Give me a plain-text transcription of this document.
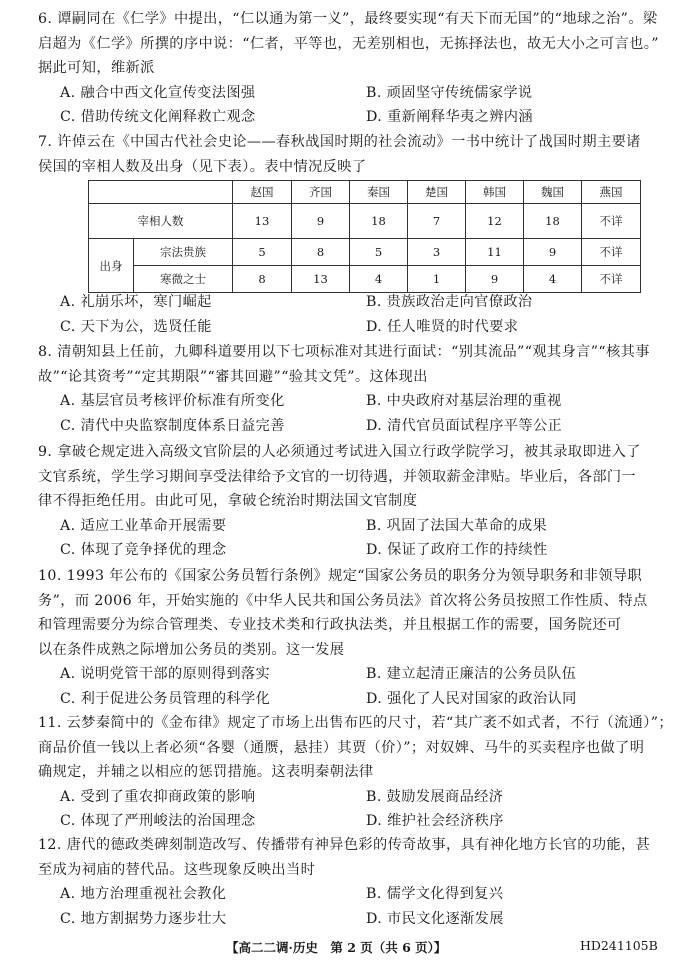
6. 谭嗣同在《仁学》中提出，“仁以通为第一义”，最终要实现“有天下而无国”的“地球之治”。梁
启超为《仁学》所撰的序中说：“仁者，平等也，无差别相也，无拣择法也，故无大小之可言也。”
据此可知，维新派

A. 融合中西文化宣传变法图强	B. 顽固坚守传统儒家学说
C. 借助传统文化阐释救亡观念	D. 重新阐释华夷之辨内涵

7. 许倬云在《中国古代社会史论——春秋战国时期的社会流动》一书中统计了战国时期主要诸
侯国的宰相人数及出身（见下表）。表中情况反映了

		赵国	齐国	秦国	楚国	韩国	魏国	燕国
宰相人数		13	9	18	7	12	18	不详
出身	宗法贵族	5	8	5	3	11	9	不详
	寒微之士	8	13	4	1	9	4	不详
A. 礼崩乐坏，寒门崛起	B. 贵族政治走向官僚政治
C. 天下为公，选贤任能	D. 任人唯贤的时代要求

8. 清朝知县上任前，九卿科道要用以下七项标准对其进行面试：“别其流品”“观其身言”“核其事
故”“论其资考”“定其期限”“審其回避”“验其文凭”。这体现出

A. 基层官员考核评价标准有所变化	B. 中央政府对基层治理的重视
C. 清代中央监察制度体系日益完善	D. 清代官员面试程序平等公正

9. 拿破仑规定进入高级文官阶层的人必须通过考试进入国立行政学院学习，被其录取即进入了
文官系统，学生学习期间享受法律给予文官的一切待遇，并领取薪金津贴。毕业后，各部门一
律不得拒绝任用。由此可见，拿破仑统治时期法国文官制度

A. 适应工业革命开展需要	B. 巩固了法国大革命的成果
C. 体现了竞争择优的理念	D. 保证了政府工作的持续性

10. 1993 年公布的《国家公务员暂行条例》规定“国家公务员的职务分为领导职务和非领导职
务”，而 2006 年，开始实施的《中华人民共和国公务员法》首次将公务员按照工作性质、特点
和管理需要分为综合管理类、专业技术类和行政执法类，并且根据工作的需要，国务院还可
以在条件成熟之际增加公务员的类别。这一发展

A. 说明党管干部的原则得到落实	B. 建立起清正廉洁的公务员队伍
C. 利于促进公务员管理的科学化	D. 强化了人民对国家的政治认同

11. 云梦秦简中的《金布律》规定了市场上出售布匹的尺寸，若“其广袤不如式者，不行（流通）”；
商品价值一钱以上者必须“各婴（通赝，悬挂）其贾（价）”；对奴婢、马牛的买卖程序也做了明
确规定，并辅之以相应的惩罚措施。这表明秦朝法律

A. 受到了重农抑商政策的影响	B. 鼓励发展商品经济
C. 体现了严刑峻法的治国理念	D. 维护社会经济秩序

12. 唐代的德政类碑刻制造改写、传播带有神异色彩的传奇故事，具有神化地方长官的功能，甚
至成为祠庙的替代品。这些现象反映出当时

A. 地方治理重视社会教化	B. 儒学文化得到复兴
C. 地方割据势力逐步壮大	D. 市民文化逐渐发展
【高二二调·历史　第 2 页（共 6 页）】	HD241105B
